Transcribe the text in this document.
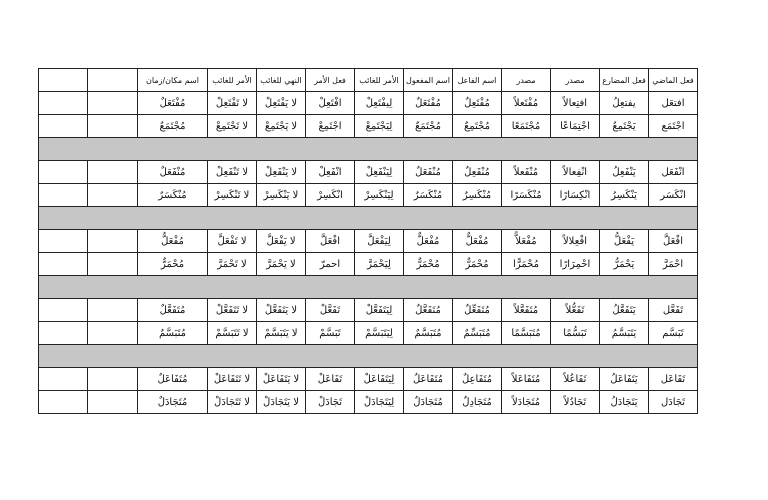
فعل الماضي	فعل المضارع	مصدر	مصدر	اسم الفاعل	اسم المفعول	الأمر للغائب	فعل الأمر	النهي للغائب	الأمر للغائب	اسم مكان/زمان		
افتعَل	يفتعِلُ	افتِعالاً	مُفْتَعلاً	مُفْتَعِلٌ	مُفْتَعَلٌ	لِيفْتَعِلْ	افْتَعِلْ	لا يَفْتَعِلْ	لا تَفْتَعِلْ	مُفْتَعَلٌ		
اجْتَمَع	يَجْتَمِعُ	اجْتِمَاعًا	مُجْتَمَعًا	مُجْتَمِعٌ	مُجْتَمَعٌ	لِيَجْتَمِعْ	اجْتَمِعْ	لا يَجْتَمِعْ	لا تَجْتَمِعْ	مُجْتَمَعٌ		

انْفَعَل	يَنْفَعِلُ	انْفِعالاً	مُنْفَعلاً	مُنْفَعِلٌ	مُنْفَعَلٌ	لِيَنْفَعِلْ	انْفَعِلْ	لا يَنْفَعِلْ	لا تَنْفَعِلْ	مُنْفَعَلٌ		
انْكَسَر	يَنْكَسِرُ	انْكِسَارًا	مُنْكَسَرًا	مُنْكَسِرٌ	مُنْكَسَرٌ	لِيَنْكَسِرْ	انْكَسِرْ	لا يَنْكَسِرْ	لا تَنْكَسِرْ	مُنْكَسَرٌ		

افْعَلَّ	يَفْعَلُّ	افْعِلالاً	مُفْعَلاًّ	مُفْعَلٌّ	مُفْعَلٌّ	لِيَفْعَلَّ	افْعَلَّ	لا يَفْعَلَّ	لا تَفْعَلَّ	مُفْعَلٌّ		
احْمَرَّ	يَحْمَرُّ	احْمِرَارًا	مُحْمَرًّا	مُحْمَرٌّ	مُحْمَرٌّ	لِيَحْمَرَّ	احمرّ	لا يَحْمَرَّ	لا تَحْمَرَّ	مُحْمَرٌّ		

تَفَعَّل	يَتَفَعَّلُ	تَفَعُّلاً	مُتَفَعَّلاً	مُتَفَعِّلٌ	مُتَفَعَّلٌ	لِيَتَفَعَّلْ	تَفَعَّلْ	لا يَتَفَعَّلْ	لا تَتَفَعَّلْ	مُتَفَعَّلٌ		
تَبَسَّم	يَتَبَسَّمُ	تَبَسُّمًا	مُتَبَسَّمًا	مُتَبَسِّمٌ	مُتَبَسَّمٌ	لِيَتَبَسَّمْ	تَبَسَّمْ	لا يَتَبَسَّمْ	لا تَتَبَسَّمْ	مُتَبَسَّمٌ		

تَفَاعَل	يَتَفَاعَلُ	تَفَاعُلاً	مُتَفَاعَلاً	مُتَفَاعِلٌ	مُتَفَاعَلٌ	لِيَتَفَاعَلْ	تَفَاعَلْ	لا يَتَفَاعَلْ	لا تَتَفَاعَلْ	مُتَفَاعَلٌ		
تَجَادَل	يَتَجَادَلُ	تَجَادُلاً	مُتَجَادَلاً	مُتَجَادِلٌ	مُتَجَادَلٌ	لِيَتَجَادَلْ	تَجَادَلْ	لا يَتَجَادَلْ	لا تَتَجَادَلْ	مُتَجَادَلٌ		
